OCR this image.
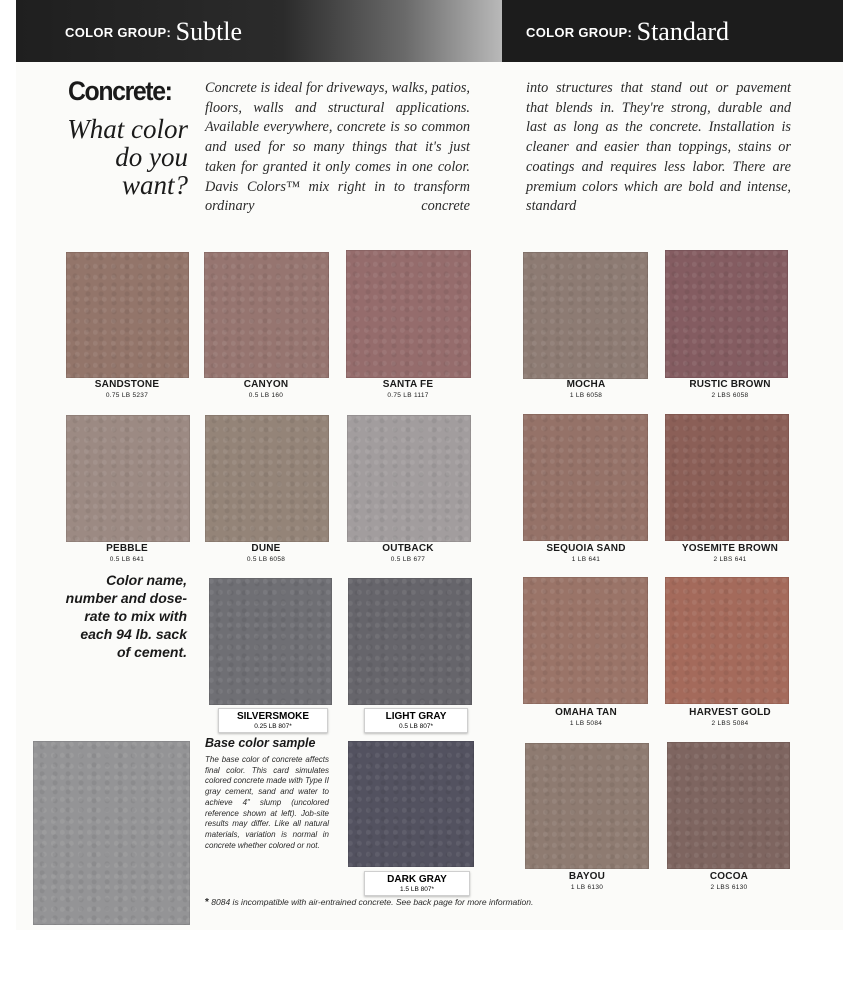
COLOR GROUP: Subtle	COLOR GROUP: Standard
Concrete:
What color do you want?

Concrete is ideal for driveways, walks, patios, floors, walls and structural applications. Available everywhere, concrete is so common and used for so many things that it's just taken for granted it only comes in one color. Davis Colors™ mix right in to transform ordinary concrete

into structures that stand out or pavement that blends in. They're strong, durable and last as long as the concrete. Installation is cleaner and easier than toppings, stains or coatings and requires less labor. There are premium colors which are bold and intense, standard

SANDSTONE
0.75 LB 5237
CANYON
0.5 LB 160
SANTA FE
0.75 LB 1117
MOCHA
1 LB 6058
RUSTIC BROWN
2 LBS 6058
PEBBLE
0.5 LB 641
DUNE
0.5 LB 6058
OUTBACK
0.5 LB 677
SEQUOIA SAND
1 LB 641
YOSEMITE BROWN
2 LBS 641
Color name, number and dose-rate to mix with each 94 lb. sack of cement.
SILVERSMOKE
0.25 LB 807*
LIGHT GRAY
0.5 LB 807*
OMAHA TAN
1 LB 5084
HARVEST GOLD
2 LBS 5084
Base color sample
The base color of concrete affects final color. This card simulates colored concrete made with Type II gray cement, sand and water to achieve 4" slump (uncolored reference shown at left). Job-site results may differ. Like all natural materials, variation is normal in concrete whether colored or not.
DARK GRAY
1.5 LB 807*
BAYOU
1 LB 6130
COCOA
2 LBS 6130
* 8084 is incompatible with air-entrained concrete. See back page for more information.
